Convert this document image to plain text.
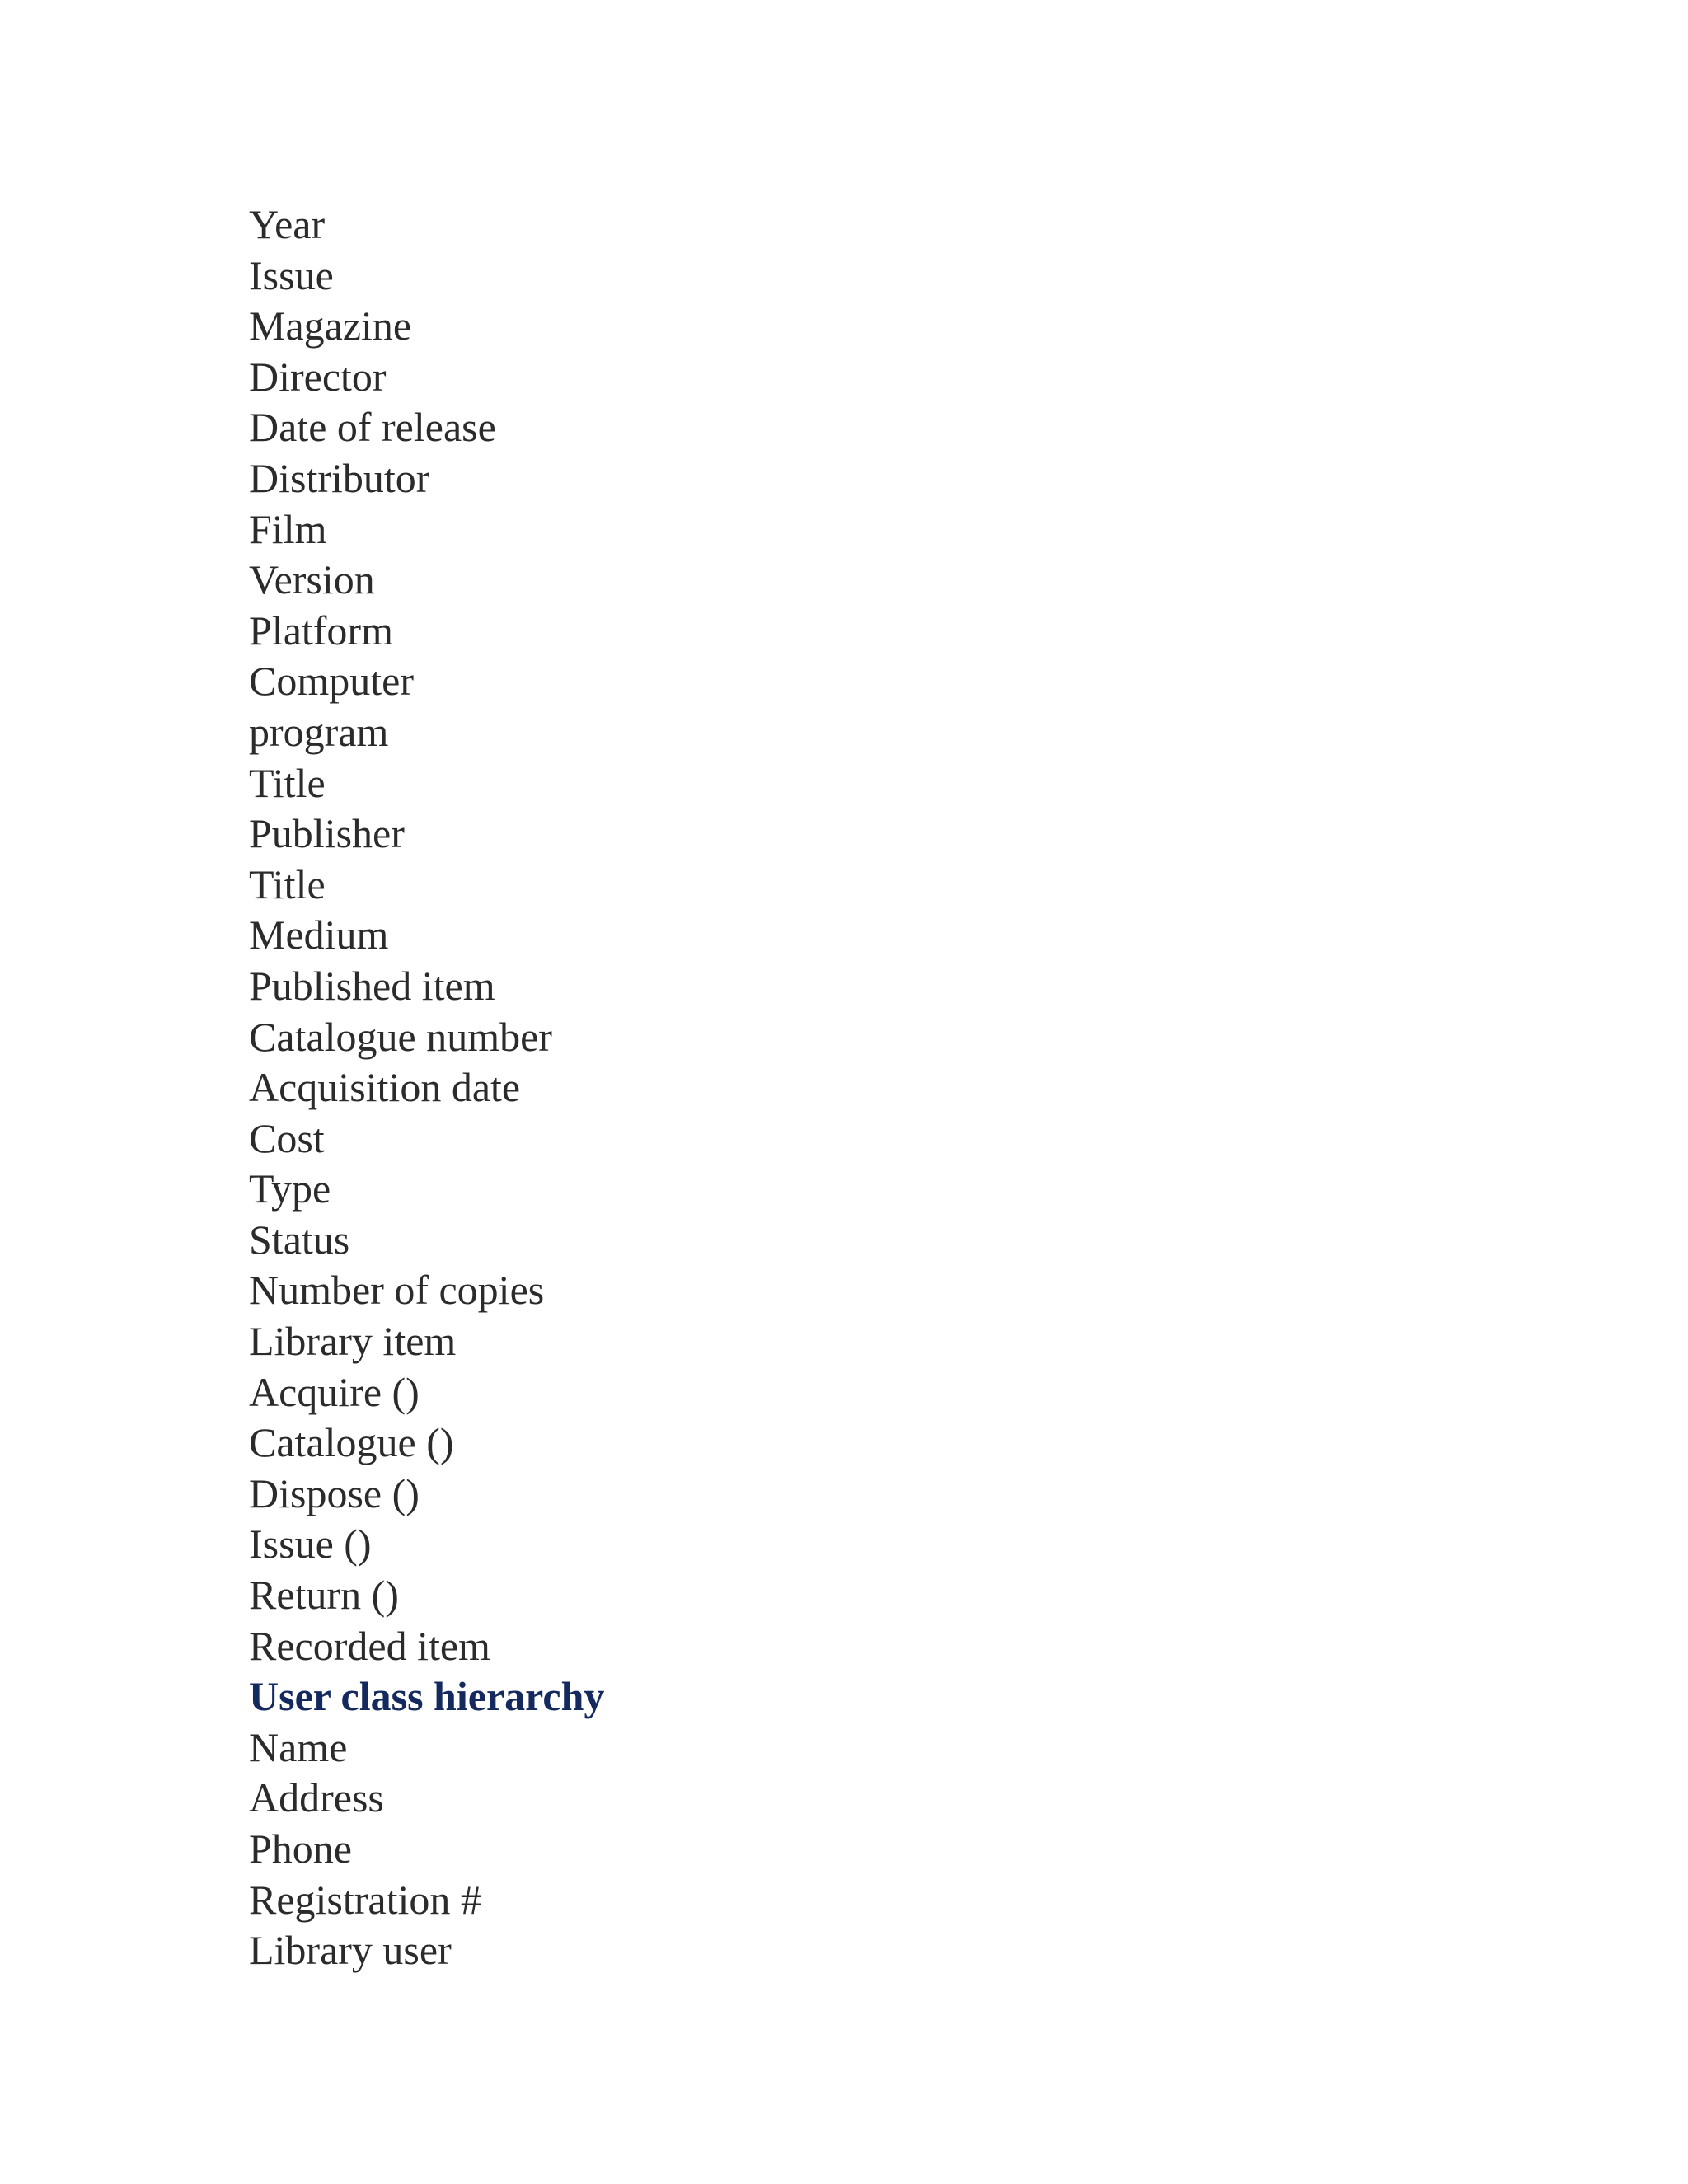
Year
Issue
Magazine
Director
Date of release
Distributor
Film
Version
Platform
Computer
program
Title
Publisher
Title
Medium
Published item
Catalogue number
Acquisition date
Cost
Type
Status
Number of copies
Library item
Acquire ()
Catalogue ()
Dispose ()
Issue ()
Return ()
Recorded item
User class hierarchy
Name
Address
Phone
Registration #
Library user
